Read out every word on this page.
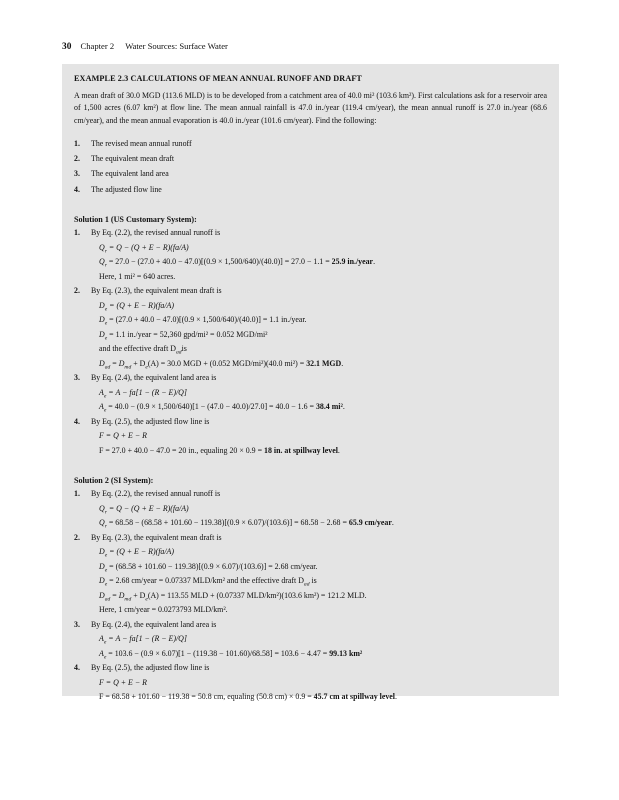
30 Chapter 2 Water Sources: Surface Water

EXAMPLE 2.3 CALCULATIONS OF MEAN ANNUAL RUNOFF AND DRAFT

A mean draft of 30.0 MGD (113.6 MLD) is to be developed from a catchment area of 40.0 mi² (103.6 km²). First calculations ask for a reservoir area of 1,500 acres (6.07 km²) at flow line. The mean annual rainfall is 47.0 in./year (119.4 cm/year), the mean annual runoff is 27.0 in./year (68.6 cm/year), and the mean annual evaporation is 40.0 in./year (101.6 cm/year). Find the following:

1. The revised mean annual runoff
2. The equivalent mean draft
3. The equivalent land area
4. The adjusted flow line

Solution 1 (US Customary System):

1. By Eq. (2.2), the revised annual runoff is
$Q_r = Q - (Q + E - R)(fa/A)$
$Q_r = 27.0 - (27.0 + 40.0 - 47.0)[(0.9 \times 1,500/640)/(40.0)] = 27.0 - 1.1 = 25.9$ in./year.
Here, 1 mi² = 640 acres.
2. By Eq. (2.3), the equivalent mean draft is
$D_e = (Q + E - R)(fa/A)$
$D_e = (27.0 + 40.0 - 47.0)[(0.9 \times 1,500/640)/(40.0)] = 1.1$ in./year.
$D_e = 1.1$ in./year = 52,360 gpd/mi² = 0.052 MGD/mi²
and the effective draft $D_{ad}is$
$D_{ad} = D_{md} + D_e(A) = 30.0$ MGD + (0.052 MGD/mi²)(40.0 mi²) = 32.1 MGD.
3. By Eq. (2.4), the equivalent land area is
$A_e = A - fa[1 - (R - E)/Q]$
$A_e = 40.0 - (0.9 \times 1,500/640)[1 - (47.0 - 40.0)/27.0] = 40.0 - 1.6 = 38.4$ mi².
4. By Eq. (2.5), the adjusted flow line is
F = Q + E − R
F = 27.0 + 40.0 − 47.0 = 20 in., equaling 20 × 0.9 = 18 in. at spillway level.

Solution 2 (SI System):

1. By Eq. (2.2), the revised annual runoff is
$Q_r = Q - (Q + E - R)(fa/A)$
$Q_r = 68.58 - (68.58 + 101.60 - 119.38)[(0.9 \times 6.07)/(103.6)] = 68.58 - 2.68 = 65.9$ cm/year.
2. By Eq. (2.3), the equivalent mean draft is
$D_e = (Q + E - R)(fa/A)$
$D_e = (68.58 + 101.60 - 119.38)[(0.9 \times 6.07)/(103.6)] = 2.68$ cm/year.
$D_e = 2.68$ cm/year = 0.07337 MLD/km² and the effective draft $D_{ad}$ is
$D_{ad} = D_{md} + D_e(A) = 113.55$ MLD + (0.07337 MLD/km²)(103.6 km²) = 121.2 MLD.
Here, 1 cm/year = 0.0273793 MLD/km².
3. By Eq. (2.4), the equivalent land area is
$A_e = A - fa[1 - (R - E)/Q]$
$A_e = 103.6 - (0.9 \times 6.07)[1 - (119.38 - 101.60)/68.58] = 103.6 - 4.47 = 99.13$ km²
4. By Eq. (2.5), the adjusted flow line is
F = Q + E − R
F = 68.58 + 101.60 − 119.38 = 50.8 cm, equaling (50.8 cm) × 0.9 = 45.7 cm at spillway level.
